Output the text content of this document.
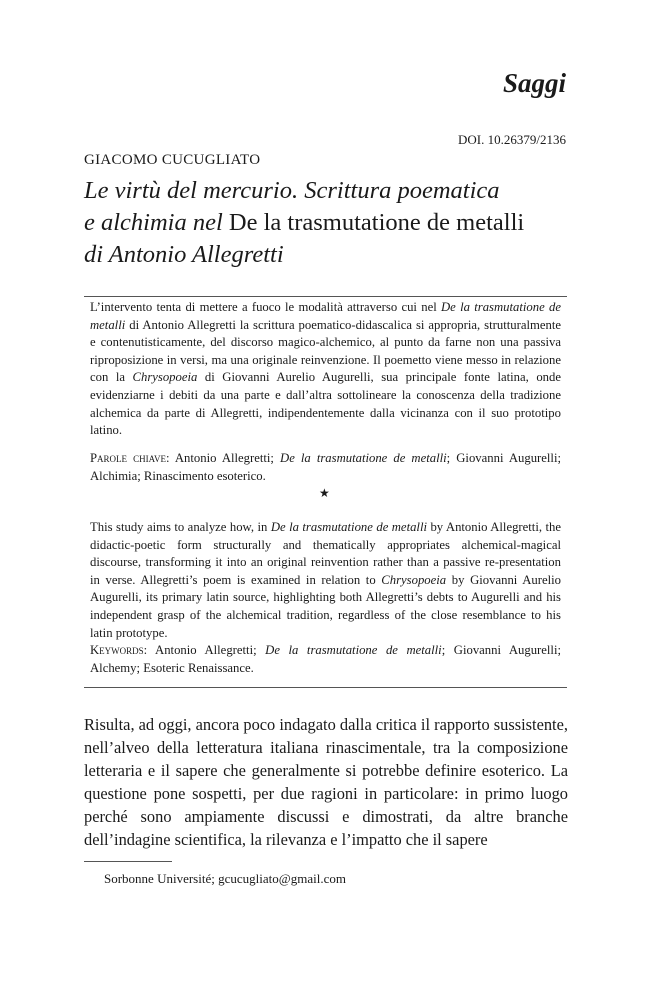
Saggi
DOI. 10.26379/2136
GIACOMO CUCUGLIATO
Le virtù del mercurio. Scrittura poematica
e alchimia nel De la trasmutatione de metalli
di Antonio Allegretti
L’intervento tenta di mettere a fuoco le modalità attraverso cui nel De la trasmutatione de metalli di Antonio Allegretti la scrittura poematico-didascalica si appropria, strutturalmente e contenutisticamente, del discorso magico-alchemico, al punto da farne non una passiva riproposizione in versi, ma una originale reinvenzione. Il poemetto viene messo in relazione con la Chrysopoeia di Giovanni Aurelio Augurelli, sua principale fonte latina, onde evidenziarne i debiti da una parte e dall’altra sottolineare la conoscenza della tradizione alchemica da parte di Allegretti, indipendentemente dalla vicinanza con il suo prototipo latino.
Parole chiave: Antonio Allegretti; De la trasmutatione de metalli; Giovanni Augurelli; Alchimia; Rinascimento esoterico.
★
This study aims to analyze how, in De la trasmutatione de metalli by Antonio Allegretti, the didactic-poetic form structurally and thematically appropriates alchemical-magical discourse, transforming it into an original reinvention rather than a passive re-presentation in verse. Allegretti’s poem is examined in relation to Chrysopoeia by Giovanni Aurelio Augurelli, its primary latin source, highlighting both Allegretti’s debts to Augurelli and his independent grasp of the alchemical tradition, regardless of the close resemblance to his latin prototype.
Keywords: Antonio Allegretti; De la trasmutatione de metalli; Giovanni Augurelli; Alchemy; Esoteric Renaissance.
Risulta, ad oggi, ancora poco indagato dalla critica il rapporto sussistente, nell’alveo della letteratura italiana rinascimentale, tra la composizione letteraria e il sapere che generalmente si potrebbe definire esoterico. La questione pone sospetti, per due ragioni in particolare: in primo luogo perché sono ampiamente discussi e dimostrati, da altre branche dell’indagine scientifica, la rilevanza e l’impatto che il sapere
Sorbonne Université; gcucugliato@gmail.com
